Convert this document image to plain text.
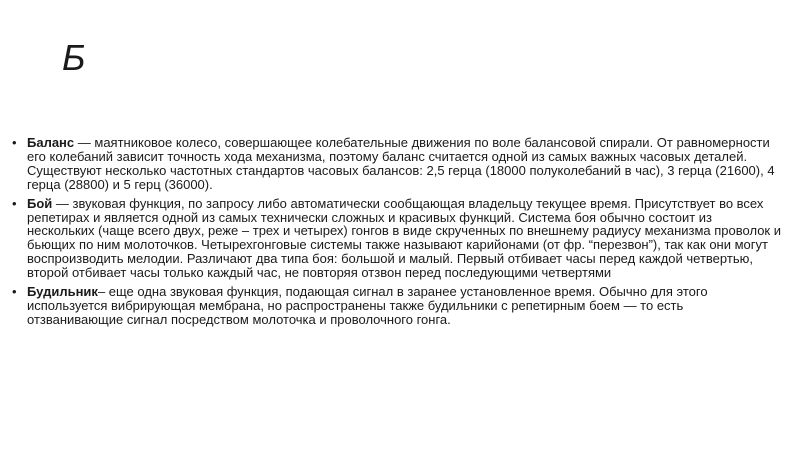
Б
• Баланс — маятниковое колесо, совершающее колебательные движения по воле балансовой спирали. От равномерности его колебаний зависит точность хода механизма, поэтому баланс считается одной из самых важных часовых деталей. Существуют несколько частотных стандартов часовых балансов: 2,5 герца (18000 полуколебаний в час), 3 герца (21600), 4 герца (28800) и 5 герц (36000).
• Бой — звуковая функция, по запросу либо автоматически сообщающая владельцу текущее время. Присутствует во всех репетирах и является одной из самых технически сложных и красивых функций. Система боя обычно состоит из нескольких (чаще всего двух, реже – трех и четырех) гонгов в виде скрученных по внешнему радиусу механизма проволок и бьющих по ним молоточков. Четырехгонговые системы также называют карийонами (от фр. “перезвон”), так как они могут воспроизводить мелодии. Различают два типа боя: большой и малый. Первый отбивает часы перед каждой четвертью, второй отбивает часы только каждый час, не повторяя отзвон перед последующими четвертями
• Будильник– еще одна звуковая функция, подающая сигнал в заранее установленное время. Обычно для этого используется вибрирующая мембрана, но распространены также будильники с репетирным боем — то есть отзванивающие сигнал посредством молоточка и проволочного гонга.
